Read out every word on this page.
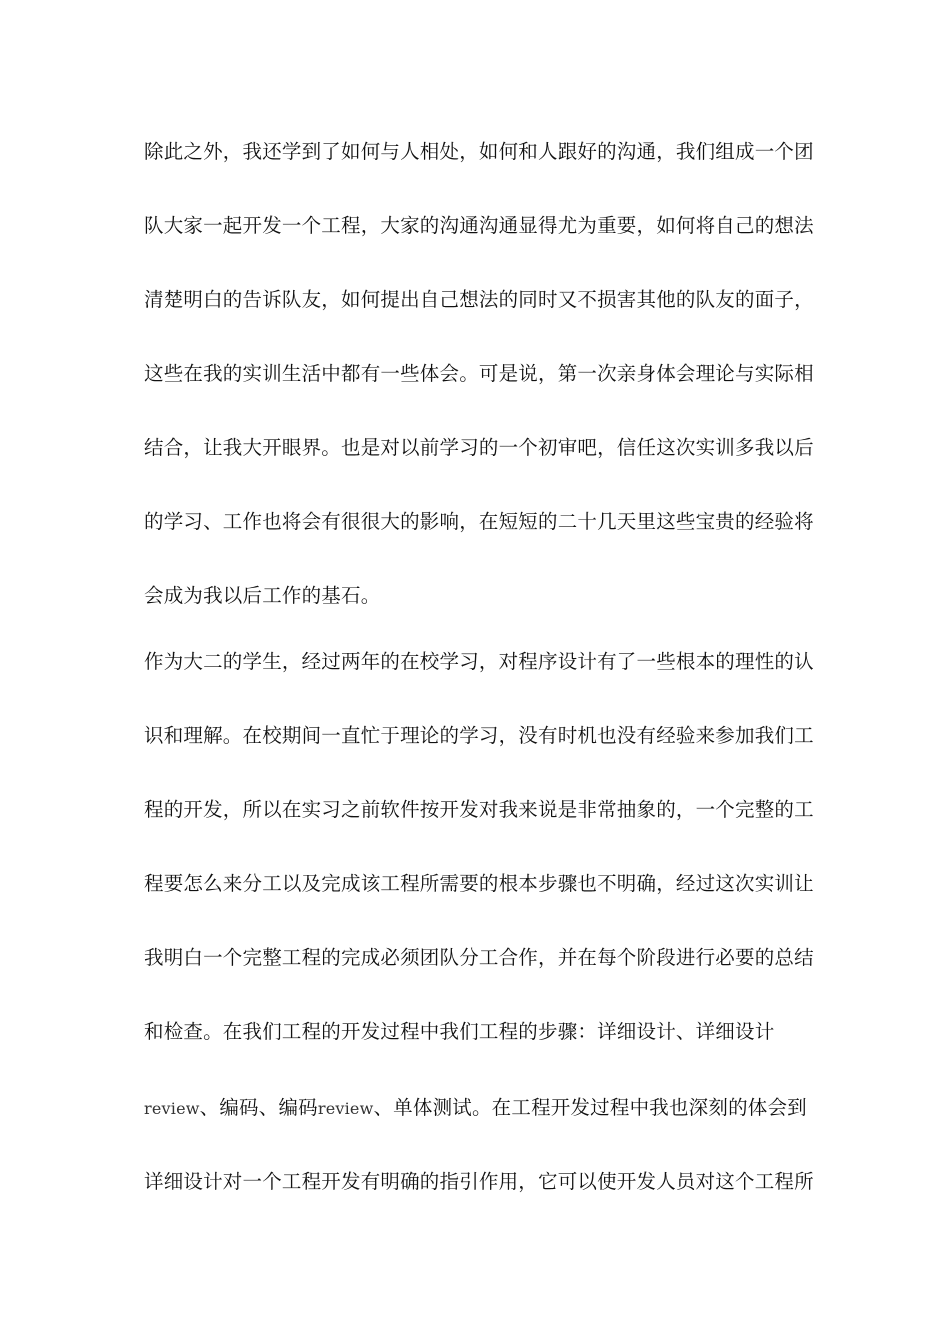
除此之外，我还学到了如何与人相处，如何和人跟好的沟通，我们组成一个团
队大家一起开发一个工程，大家的沟通沟通显得尤为重要，如何将自己的想法
清楚明白的告诉队友，如何提出自己想法的同时又不损害其他的队友的面子，
这些在我的实训生活中都有一些体会。可是说，第一次亲身体会理论与实际相
结合，让我大开眼界。也是对以前学习的一个初审吧，信任这次实训多我以后
的学习、工作也将会有很很大的影响，在短短的二十几天里这些宝贵的经验将
会成为我以后工作的基石。
作为大二的学生，经过两年的在校学习，对程序设计有了一些根本的理性的认
识和理解。在校期间一直忙于理论的学习，没有时机也没有经验来参加我们工
程的开发，所以在实习之前软件按开发对我来说是非常抽象的，一个完整的工
程要怎么来分工以及完成该工程所需要的根本步骤也不明确，经过这次实训让
我明白一个完整工程的完成必须团队分工合作，并在每个阶段进行必要的总结
和检查。在我们工程的开发过程中我们工程的步骤：详细设计、详细设计
review、编码、编码review、单体测试。在工程开发过程中我也深刻的体会到
详细设计对一个工程开发有明确的指引作用，它可以使开发人员对这个工程所
